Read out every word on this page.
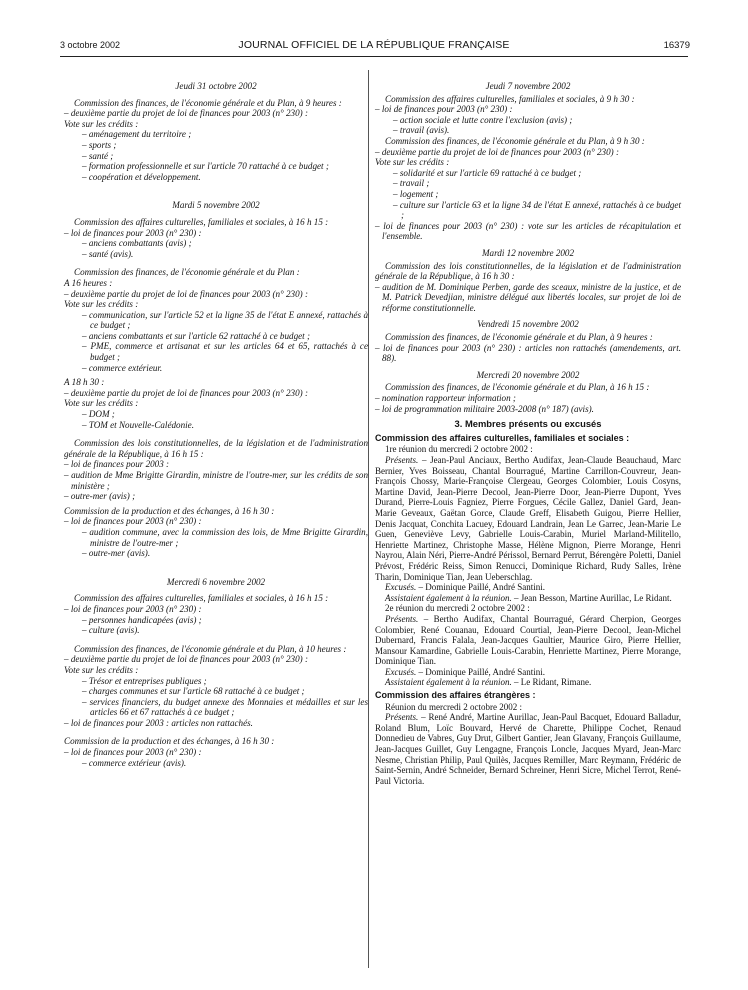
3 octobre 2002	JOURNAL OFFICIEL DE LA RÉPUBLIQUE FRANÇAISE	16379

Jeudi 31 octobre 2002

Commission des finances, de l'économie générale et du Plan, à 9 heures :

– deuxième partie du projet de loi de finances pour 2003 (n° 230) :

Vote sur les crédits :

– aménagement du territoire ;

– sports ;

– santé ;

– formation professionnelle et sur l'article 70 rattaché à ce budget ;

– coopération et développement.

Mardi 5 novembre 2002

Commission des affaires culturelles, familiales et sociales, à 16 h 15 :

– loi de finances pour 2003 (n° 230) :

– anciens combattants (avis) ;

– santé (avis).

Commission des finances, de l'économie générale et du Plan :

A 16 heures :

– deuxième partie du projet de loi de finances pour 2003 (n° 230) :

Vote sur les crédits :

– communication, sur l'article 52 et la ligne 35 de l'état E annexé, rattachés à ce budget ;

– anciens combattants et sur l'article 62 rattaché à ce budget ;

– PME, commerce et artisanat et sur les articles 64 et 65, rattachés à ce budget ;

– commerce extérieur.

A 18 h 30 :

– deuxième partie du projet de loi de finances pour 2003 (n° 230) :

Vote sur les crédits :

– DOM ;

– TOM et Nouvelle-Calédonie.

Commission des lois constitutionnelles, de la législation et de l'administration générale de la République, à 16 h 15 :

– loi de finances pour 2003 :

– audition de Mme Brigitte Girardin, ministre de l'outre-mer, sur les crédits de son ministère ;

– outre-mer (avis) ;

Commission de la production et des échanges, à 16 h 30 :

– loi de finances pour 2003 (n° 230) :

– audition commune, avec la commission des lois, de Mme Brigitte Girardin, ministre de l'outre-mer ;

– outre-mer (avis).

Mercredi 6 novembre 2002

Commission des affaires culturelles, familiales et sociales, à 16 h 15 :

– loi de finances pour 2003 (n° 230) :

– personnes handicapées (avis) ;

– culture (avis).

Commission des finances, de l'économie générale et du Plan, à 10 heures :

– deuxième partie du projet de loi de finances pour 2003 (n° 230) :

Vote sur les crédits :

– Trésor et entreprises publiques ;

– charges communes et sur l'article 68 rattaché à ce budget ;

– services financiers, du budget annexe des Monnaies et médailles et sur les articles 66 et 67 rattachés à ce budget ;

– loi de finances pour 2003 : articles non rattachés.

Commission de la production et des échanges, à 16 h 30 :

– loi de finances pour 2003 (n° 230) :

– commerce extérieur (avis).

Jeudi 7 novembre 2002

Commission des affaires culturelles, familiales et sociales, à 9 h 30 :

– loi de finances pour 2003 (n° 230) :

– action sociale et lutte contre l'exclusion (avis) ;

– travail (avis).

Commission des finances, de l'économie générale et du Plan, à 9 h 30 :

– deuxième partie du projet de loi de finances pour 2003 (n° 230) :

Vote sur les crédits :

– solidarité et sur l'article 69 rattaché à ce budget ;

– travail ;

– logement ;

– culture sur l'article 63 et la ligne 34 de l'état E annexé, rattachés à ce budget ;

– loi de finances pour 2003 (n° 230) : vote sur les articles de récapitulation et l'ensemble.

Mardi 12 novembre 2002

Commission des lois constitutionnelles, de la législation et de l'administration générale de la République, à 16 h 30 :

– audition de M. Dominique Perben, garde des sceaux, ministre de la justice, et de M. Patrick Devedjian, ministre délégué aux libertés locales, sur projet de loi de réforme constitutionnelle.

Vendredi 15 novembre 2002

Commission des finances, de l'économie générale et du Plan, à 9 heures :

– loi de finances pour 2003 (n° 230) : articles non rattachés (amendements, art. 88).

Mercredi 20 novembre 2002

Commission des finances, de l'économie générale et du Plan, à 16 h 15 :

– nomination rapporteur information ;

– loi de programmation militaire 2003-2008 (n° 187) (avis).

3. Membres présents ou excusés

Commission des affaires culturelles, familiales et sociales :

1re réunion du mercredi 2 octobre 2002 :

Présents. – Jean-Paul Anciaux, Bertho Audifax, Jean-Claude Beauchaud, Marc Bernier, Yves Boisseau, Chantal Bourragué, Martine Carrillon-Couvreur, Jean-François Chossy, Marie-Françoise Clergeau, Georges Colombier, Louis Cosyns, Martine David, Jean-Pierre Decool, Jean-Pierre Door, Jean-Pierre Dupont, Yves Durand, Pierre-Louis Fagniez, Pierre Forgues, Cécile Gallez, Daniel Gard, Jean-Marie Geveaux, Gaëtan Gorce, Claude Greff, Elisabeth Guigou, Pierre Hellier, Denis Jacquat, Conchita Lacuey, Edouard Landrain, Jean Le Garrec, Jean-Marie Le Guen, Geneviève Levy, Gabrielle Louis-Carabin, Muriel Marland-Militello, Henriette Martinez, Christophe Masse, Hélène Mignon, Pierre Morange, Henri Nayrou, Alain Néri, Pierre-André Périssol, Bernard Perrut, Bérengère Poletti, Daniel Prévost, Frédéric Reiss, Simon Renucci, Dominique Richard, Rudy Salles, Irène Tharin, Dominique Tian, Jean Ueberschlag.

Excusés. – Dominique Paillé, André Santini.

Assistaient également à la réunion. – Jean Besson, Martine Aurillac, Le Ridant.

2e réunion du mercredi 2 octobre 2002 :

Présents. – Bertho Audifax, Chantal Bourragué, Gérard Cherpion, Georges Colombier, René Couanau, Edouard Courtial, Jean-Pierre Decool, Jean-Michel Dubernard, Francis Falala, Jean-Jacques Gaultier, Maurice Giro, Pierre Hellier, Mansour Kamardine, Gabrielle Louis-Carabin, Henriette Martinez, Pierre Morange, Dominique Tian.

Excusés. – Dominique Paillé, André Santini.

Assistaient également à la réunion. – Le Ridant, Rimane.

Commission des affaires étrangères :

Réunion du mercredi 2 octobre 2002 :

Présents. – René André, Martine Aurillac, Jean-Paul Bacquet, Edouard Balladur, Roland Blum, Loïc Bouvard, Hervé de Charette, Philippe Cochet, Renaud Donnedieu de Vabres, Guy Drut, Gilbert Gantier, Jean Glavany, François Guillaume, Jean-Jacques Guillet, Guy Lengagne, François Loncle, Jacques Myard, Jean-Marc Nesme, Christian Philip, Paul Quilès, Jacques Remiller, Marc Reymann, Frédéric de Saint-Sernin, André Schneider, Bernard Schreiner, Henri Sicre, Michel Terrot, René-Paul Victoria.
